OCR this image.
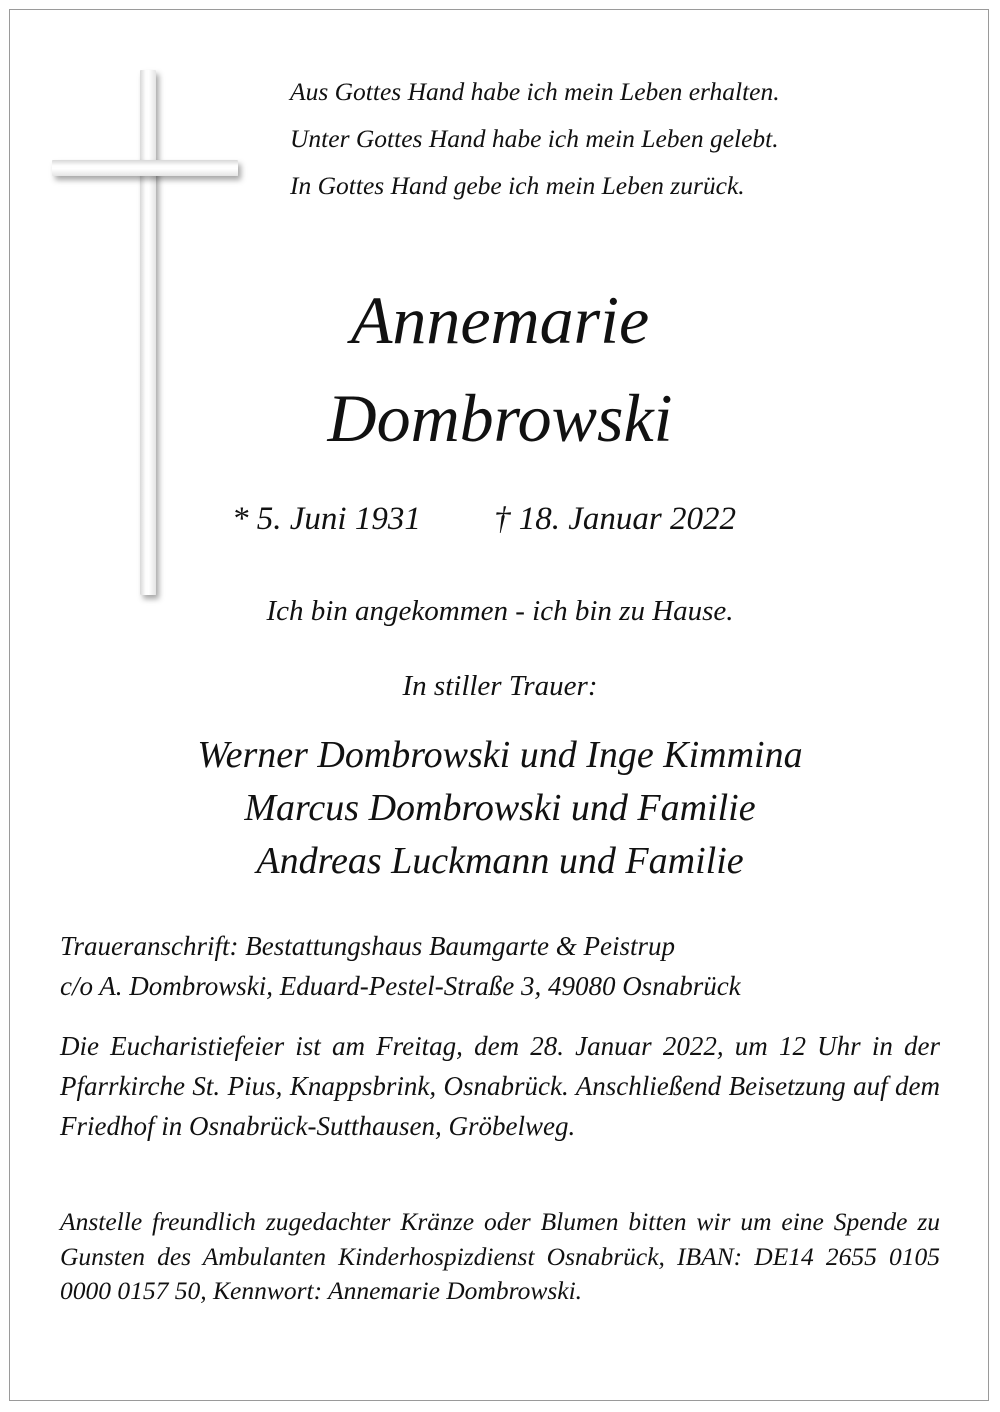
Aus Gottes Hand habe ich mein Leben erhalten.
Unter Gottes Hand habe ich mein Leben gelebt.
In Gottes Hand gebe ich mein Leben zurück.
Annemarie
Dombrowski
* 5. Juni 1931 † 18. Januar 2022
Ich bin angekommen - ich bin zu Hause.
In stiller Trauer:
Werner Dombrowski und Inge Kimmina
Marcus Dombrowski und Familie
Andreas Luckmann und Familie
Traueranschrift: Bestattungshaus Baumgarte & Peistrup
c/o A. Dombrowski, Eduard-Pestel-Straße 3, 49080 Osnabrück

Die Eucharistiefeier ist am Freitag, dem 28. Januar 2022, um 12 Uhr in der Pfarrkirche St. Pius, Knappsbrink, Osnabrück. Anschließend Beisetzung auf dem Friedhof in Osnabrück-Sutthausen, Gröbelweg.

Anstelle freundlich zugedachter Kränze oder Blumen bitten wir um eine Spende zu Gunsten des Ambulanten Kinderhospizdienst Osnabrück, IBAN: DE14 2655 0105 0000 0157 50, Kennwort: Annemarie Dombrowski.
